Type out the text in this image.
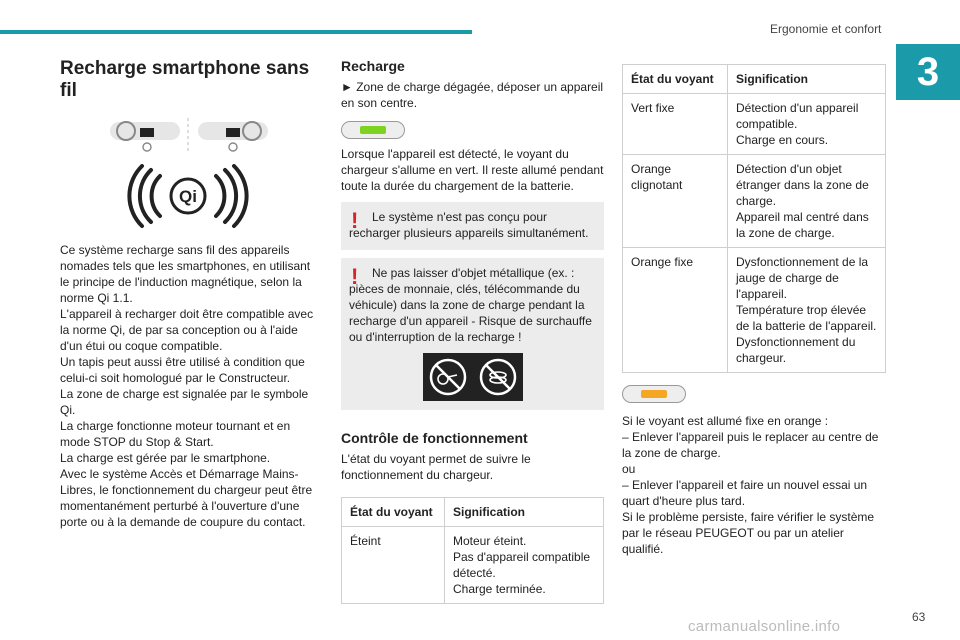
Ergonomie et confort
3
Recharge smartphone sans fil
Qi

Ce système recharge sans fil des appareils nomades tels que les smartphones, en utilisant le principe de l'induction magnétique, selon la norme Qi 1.1.

L'appareil à recharger doit être compatible avec la norme Qi, de par sa conception ou à l'aide d'un étui ou coque compatible.

Un tapis peut aussi être utilisé à condition que celui-ci soit homologué par le Constructeur.

La zone de charge est signalée par le symbole Qi.

La charge fonctionne moteur tournant et en mode STOP du Stop & Start.

La charge est gérée par le smartphone.

Avec le système Accès et Démarrage Mains-Libres, le fonctionnement du chargeur peut être momentanément perturbé à l'ouverture d'une porte ou à la demande de coupure du contact.

Recharge

► Zone de charge dégagée, déposer un appareil en son centre.

Lorsque l'appareil est détecté, le voyant du chargeur s'allume en vert. Il reste allumé pendant toute la durée du chargement de la batterie.

!	Le système n'est pas conçu pour recharger plusieurs appareils simultanément.

!	Ne pas laisser d'objet métallique (ex. : pièces de monnaie, clés, télécommande du véhicule) dans la zone de charge pendant la recharge d'un appareil - Risque de surchauffe ou d'interruption de la recharge !

Contrôle de fonctionnement

L'état du voyant permet de suivre le fonctionnement du chargeur.

État du voyant	Signification
Éteint	Moteur éteint.
Pas d'appareil compatible détecté.
Charge terminée.
État du voyant	Signification
Vert fixe	Détection d'un appareil compatible.
Charge en cours.

Orange clignotant	Détection d'un objet étranger dans la zone de charge.
Appareil mal centré dans la zone de charge.

Orange fixe	Dysfonctionnement de la jauge de charge de l'appareil.
Température trop élevée de la batterie de l'appareil.
Dysfonctionnement du chargeur.

Si le voyant est allumé fixe en orange :

– Enlever l'appareil puis le replacer au centre de la zone de charge.

ou

– Enlever l'appareil et faire un nouvel essai un quart d'heure plus tard.

Si le problème persiste, faire vérifier le système par le réseau PEUGEOT ou par un atelier qualifié.

63
carmanualsonline.info
